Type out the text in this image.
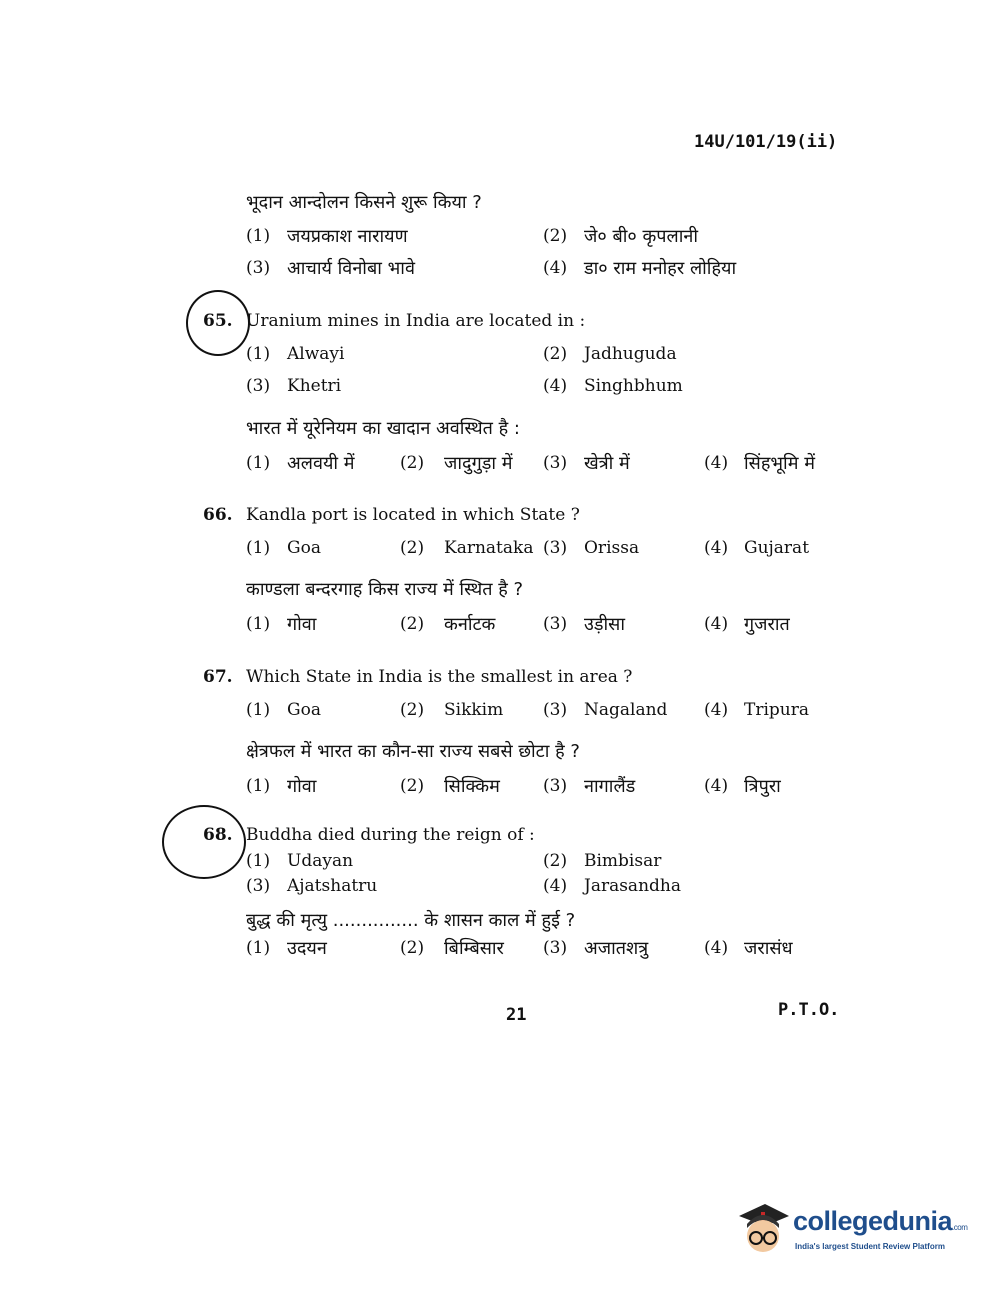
14U/101/19(ii)
भूदान आन्दोलन किसने शुरू किया ?
(1) जयप्रकाश नारायण	(2) जे० बी० कृपलानी
(3) आचार्य विनोबा भावे	(4) डा० राम मनोहर लोहिया
65. Uranium mines in India are located in :
(1) Alwayi	(2) Jadhuguda
(3) Khetri	(4) Singhbhum
भारत में यूरेनियम का खादान अवस्थित है :
(1) अलवयी में	(2) जादुगुड़ा में (3) खेत्री में	(4) सिंहभूमि में
66. Kandla port is located in which State ?
(1) Goa	(2) Karnataka (3) Orissa	(4) Gujarat
काण्डला बन्दरगाह किस राज्य में स्थित है ?
(1) गोवा	(2) कर्नाटक	(3) उड़ीसा	(4) गुजरात
67. Which State in India is the smallest in area ?
(1) Goa	(2) Sikkim (3) Nagaland (4) Tripura
क्षेत्रफल में भारत का कौन-सा राज्य सबसे छोटा है ?
(1) गोवा	(2) सिक्किम	(3) नागालैंड	(4) त्रिपुरा
68. Buddha died during the reign of :
(1) Udayan	(2) Bimbisar
(3) Ajatshatru	(4) Jarasandha
बुद्ध की मृत्यु ............... के शासन काल में हुई ?
(1) उदयन	(2) बिम्बिसार (3) अजातशत्रु	(4) जरासंध
21	P.T.O.
collegedunia.com
India's largest Student Review Platform
